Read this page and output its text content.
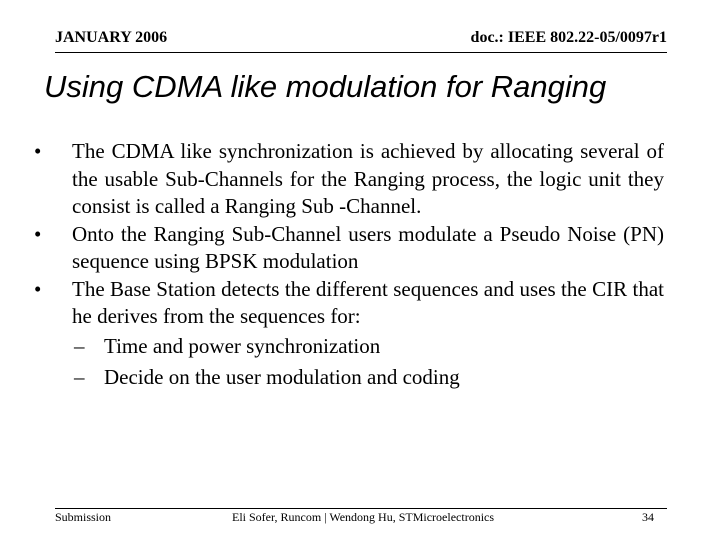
JANUARY 2006	doc.: IEEE 802.22-05/0097r1
Using CDMA like modulation for Ranging
•	The CDMA like synchronization is achieved by allocating several of the usable Sub-Channels for the Ranging process, the logic unit they consist is called a Ranging Sub -Channel.
•	Onto the Ranging Sub-Channel users modulate a Pseudo Noise (PN) sequence using BPSK modulation
•	The Base Station detects the different sequences and uses the CIR that he derives from the sequences for:
– Time and power synchronization
– Decide on the user modulation and coding
Submission	Eli Sofer, Runcom | Wendong Hu, STMicroelectronics	34
